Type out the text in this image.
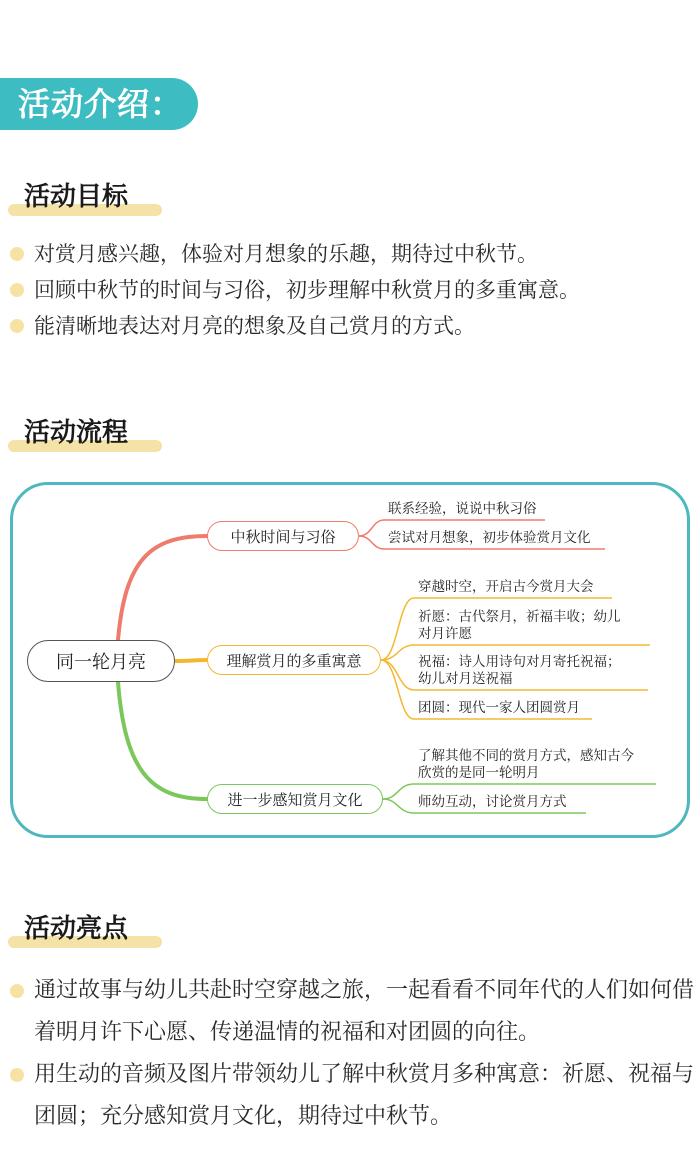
活动介绍：
活动目标
对赏月感兴趣，体验对月想象的乐趣，期待过中秋节。
回顾中秋节的时间与习俗，初步理解中秋赏月的多重寓意。
能清晰地表达对月亮的想象及自己赏月的方式。
活动流程
同一轮月亮
中秋时间与习俗
理解赏月的多重寓意
进一步感知赏月文化
联系经验，说说中秋习俗
尝试对月想象，初步体验赏月文化
穿越时空，开启古今赏月大会
祈愿：古代祭月，祈福丰收；幼儿
对月许愿
祝福：诗人用诗句对月寄托祝福；
幼儿对月送祝福
团圆：现代一家人团圆赏月
了解其他不同的赏月方式，感知古今
欣赏的是同一轮明月
师幼互动，讨论赏月方式
活动亮点
通过故事与幼儿共赴时空穿越之旅，一起看看不同年代的人们如何借着明月许下心愿、传递温情的祝福和对团圆的向往。
用生动的音频及图片带领幼儿了解中秋赏月多种寓意：祈愿、祝福与团圆；充分感知赏月文化，期待过中秋节。
